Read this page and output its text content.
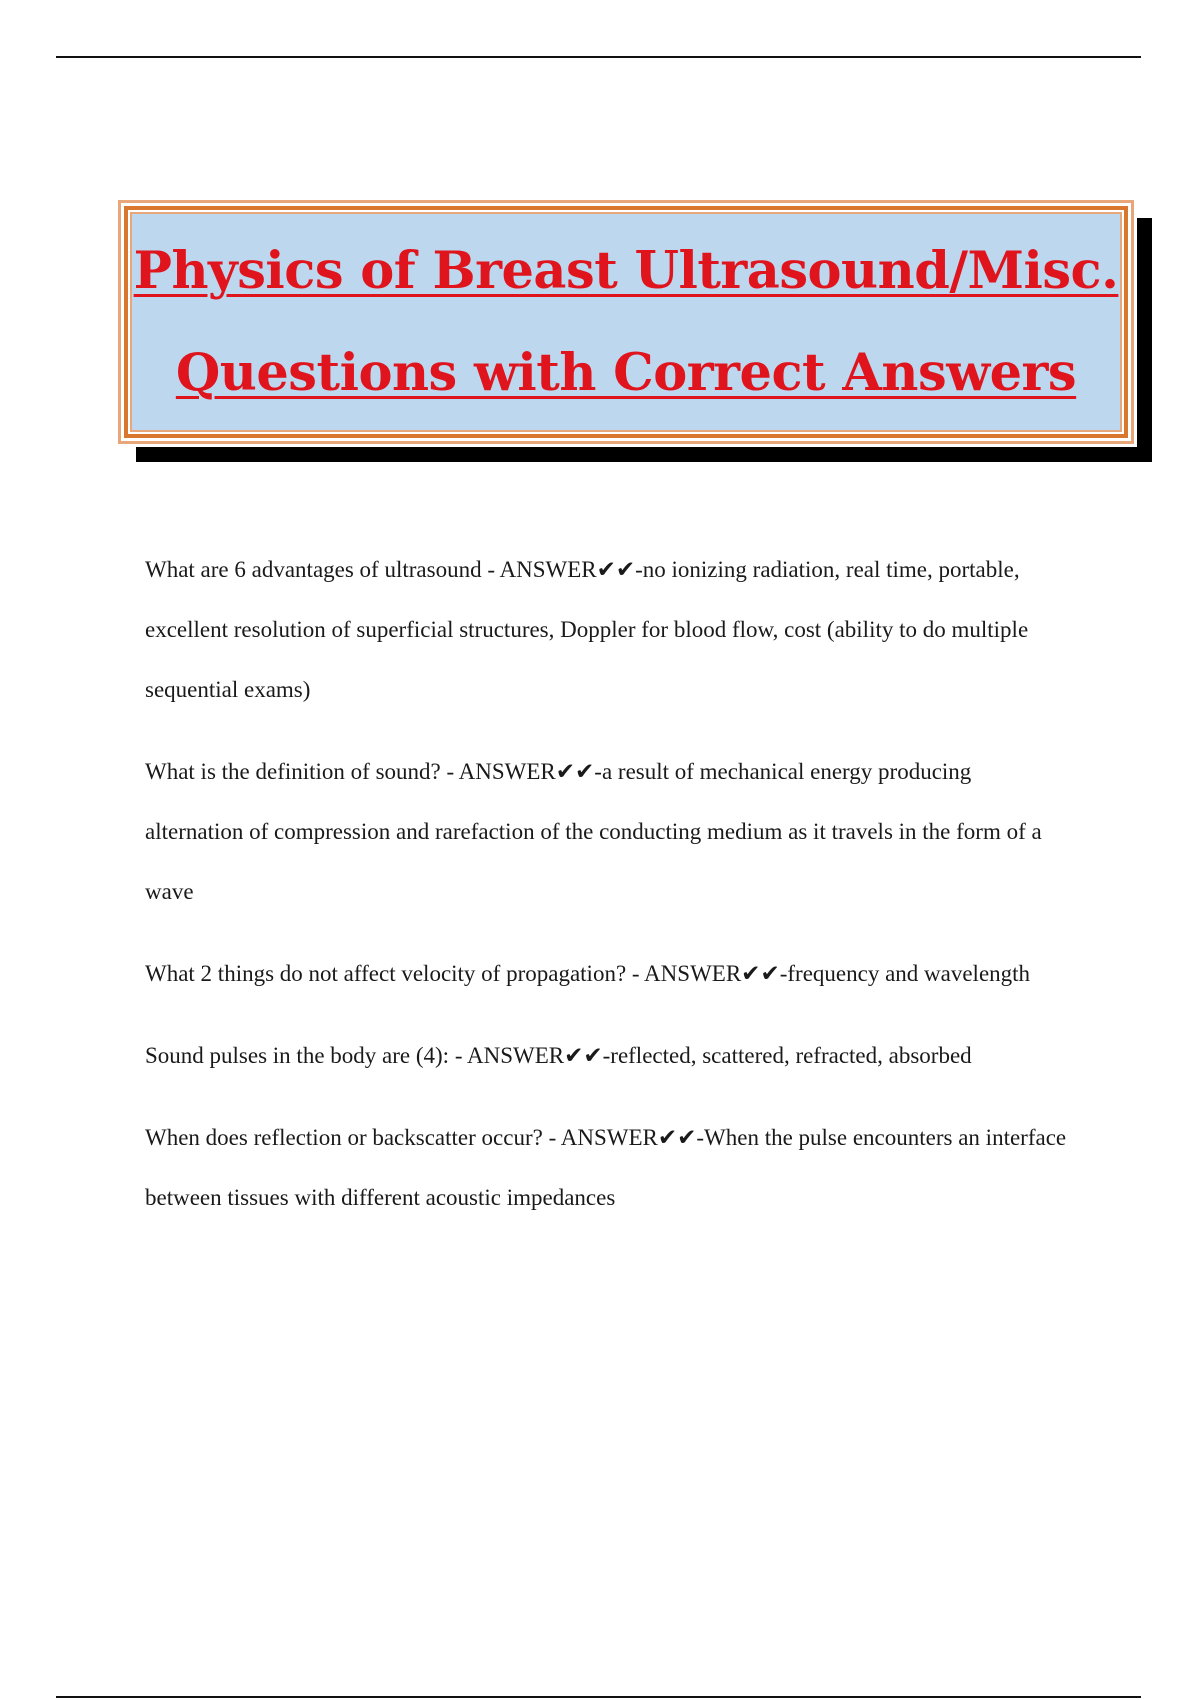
Physics of Breast Ultrasound/Misc.
Questions with Correct Answers

What are 6 advantages of ultrasound - ANSWER✔✔-no ionizing radiation, real time, portable, excellent resolution of superficial structures, Doppler for blood flow, cost (ability to do multiple sequential exams)

What is the definition of sound? - ANSWER✔✔-a result of mechanical energy producing alternation of compression and rarefaction of the conducting medium as it travels in the form of a wave

What 2 things do not affect velocity of propagation? - ANSWER✔✔-frequency and wavelength

Sound pulses in the body are (4): - ANSWER✔✔-reflected, scattered, refracted, absorbed

When does reflection or backscatter occur? - ANSWER✔✔-When the pulse encounters an interface between tissues with different acoustic impedances
